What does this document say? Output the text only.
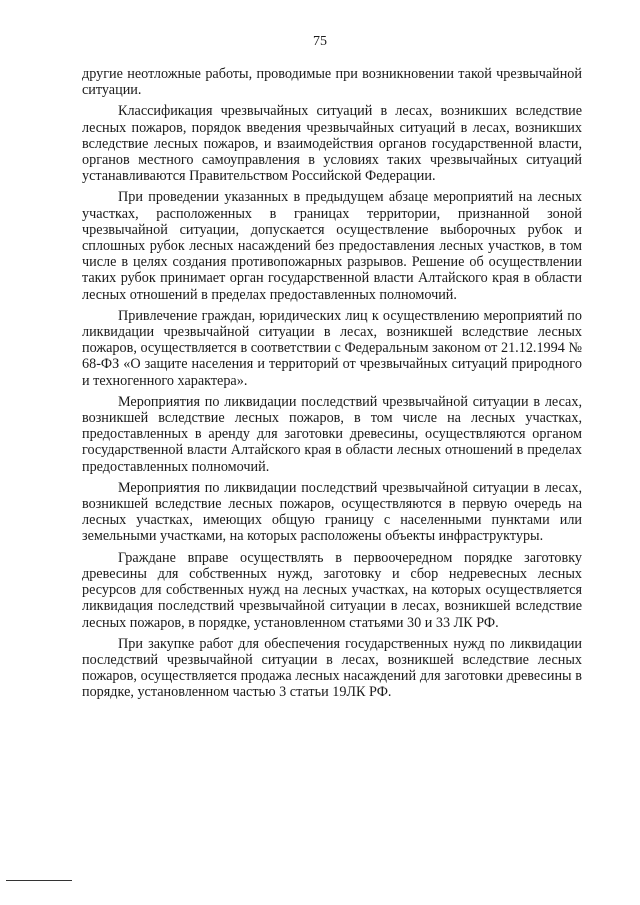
75

другие неотложные работы, проводимые при возникновении такой чрезвычайной ситуации.

Классификация чрезвычайных ситуаций в лесах, возникших вследствие лесных пожаров, порядок введения чрезвычайных ситуаций в лесах, возникших вследствие лесных пожаров, и взаимодействия органов государственной власти, органов местного самоуправления в условиях таких чрезвычайных ситуаций устанавливаются Правительством Российской Федерации.

При проведении указанных в предыдущем абзаце мероприятий на лесных участках, расположенных в границах территории, признанной зоной чрезвычайной ситуации, допускается осуществление выборочных рубок и сплошных рубок лесных насаждений без предоставления лесных участков, в том числе в целях создания противопожарных разрывов. Решение об осуществлении таких рубок принимает орган государственной власти Алтайского края в области лесных отношений в пределах предоставленных полномочий.

Привлечение граждан, юридических лиц к осуществлению мероприятий по ликвидации чрезвычайной ситуации в лесах, возникшей вследствие лесных пожаров, осуществляется в соответствии с Федеральным законом от 21.12.1994 № 68-ФЗ «О защите населения и территорий от чрезвычайных ситуаций природного и техногенного характера».

Мероприятия по ликвидации последствий чрезвычайной ситуации в лесах, возникшей вследствие лесных пожаров, в том числе на лесных участках, предоставленных в аренду для заготовки древесины, осуществляются органом государственной власти Алтайского края в области лесных отношений в пределах предоставленных полномочий.

Мероприятия по ликвидации последствий чрезвычайной ситуации в лесах, возникшей вследствие лесных пожаров, осуществляются в первую очередь на лесных участках, имеющих общую границу с населенными пунктами или земельными участками, на которых расположены объекты инфраструктуры.

Граждане вправе осуществлять в первоочередном порядке заготовку древесины для собственных нужд, заготовку и сбор недревесных лесных ресурсов для собственных нужд на лесных участках, на которых осуществляется ликвидация последствий чрезвычайной ситуации в лесах, возникшей вследствие лесных пожаров, в порядке, установленном статьями 30 и 33 ЛК РФ.

При закупке работ для обеспечения государственных нужд по ликвидации последствий чрезвычайной ситуации в лесах, возникшей вследствие лесных пожаров, осуществляется продажа лесных насаждений для заготовки древесины в порядке, установленном частью 3 статьи 19ЛК РФ.
